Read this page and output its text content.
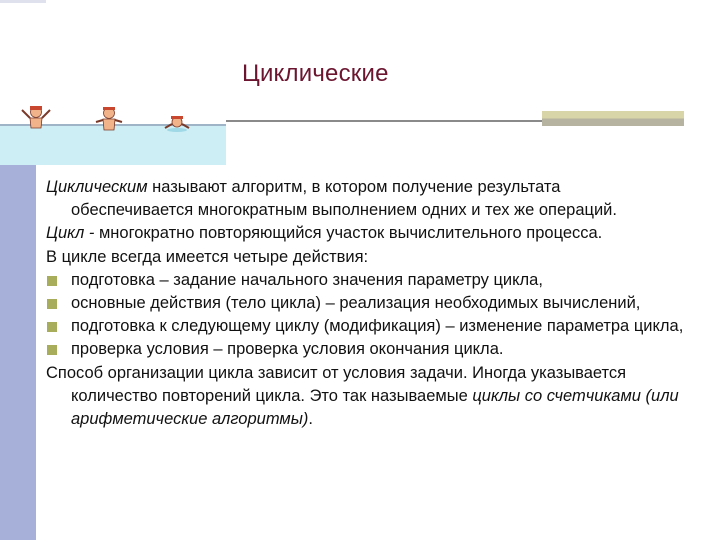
Циклические

Циклическим называют алгоритм, в котором получение результата обеспечивается многократным выполнением одних и тех же операций.

Цикл - многократно повторяющийся участок вычислительного процесса.

В цикле всегда имеется четыре действия:

подготовка – задание начального значения параметру цикла,

основные действия (тело цикла) – реализация необходимых вычислений,

подготовка к следующему циклу (модификация) – изменение параметра цикла,

проверка условия – проверка условия окончания цикла.

Способ организации цикла зависит от условия задачи. Иногда указывается количество повторений цикла. Это так называемые циклы со счетчиками (или арифметические алгоритмы).
